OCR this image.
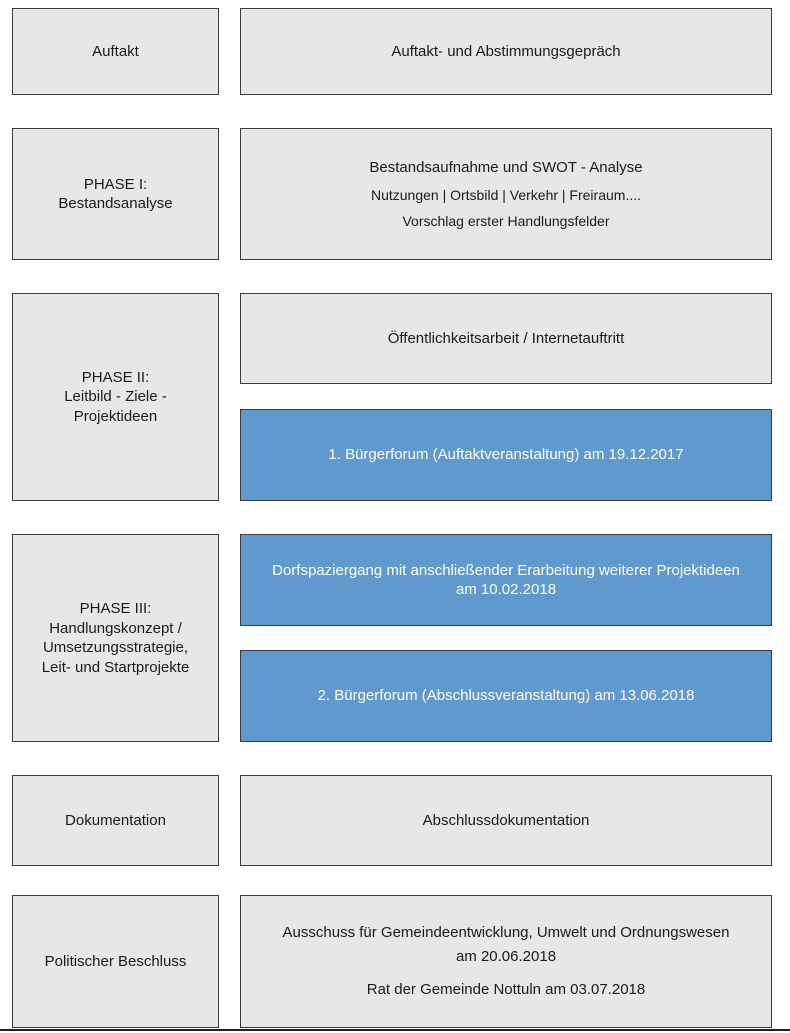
Auftakt
PHASE I:
Bestandsanalyse
PHASE II:
Leitbild - Ziele - Projektideen
PHASE III:
Handlungskonzept /
Umsetzungsstrategie,
Leit- und Startprojekte
Dokumentation
Politischer Beschluss
Auftakt- und Abstimmungsgepräch
Bestandsaufnahme und SWOT - Analyse
Nutzungen | Ortsbild | Verkehr | Freiraum....
Vorschlag erster Handlungsfelder
Öffentlichkeitsarbeit / Internetauftritt
1. Bürgerforum (Auftaktveranstaltung) am 19.12.2017
Dorfspaziergang mit anschließender Erarbeitung weiterer Projektideen
am 10.02.2018
2. Bürgerforum (Abschlussveranstaltung) am 13.06.2018
Abschlussdokumentation
Ausschuss für Gemeindeentwicklung, Umwelt und Ordnungswesen
am 20.06.2018
Rat der Gemeinde Nottuln am 03.07.2018
